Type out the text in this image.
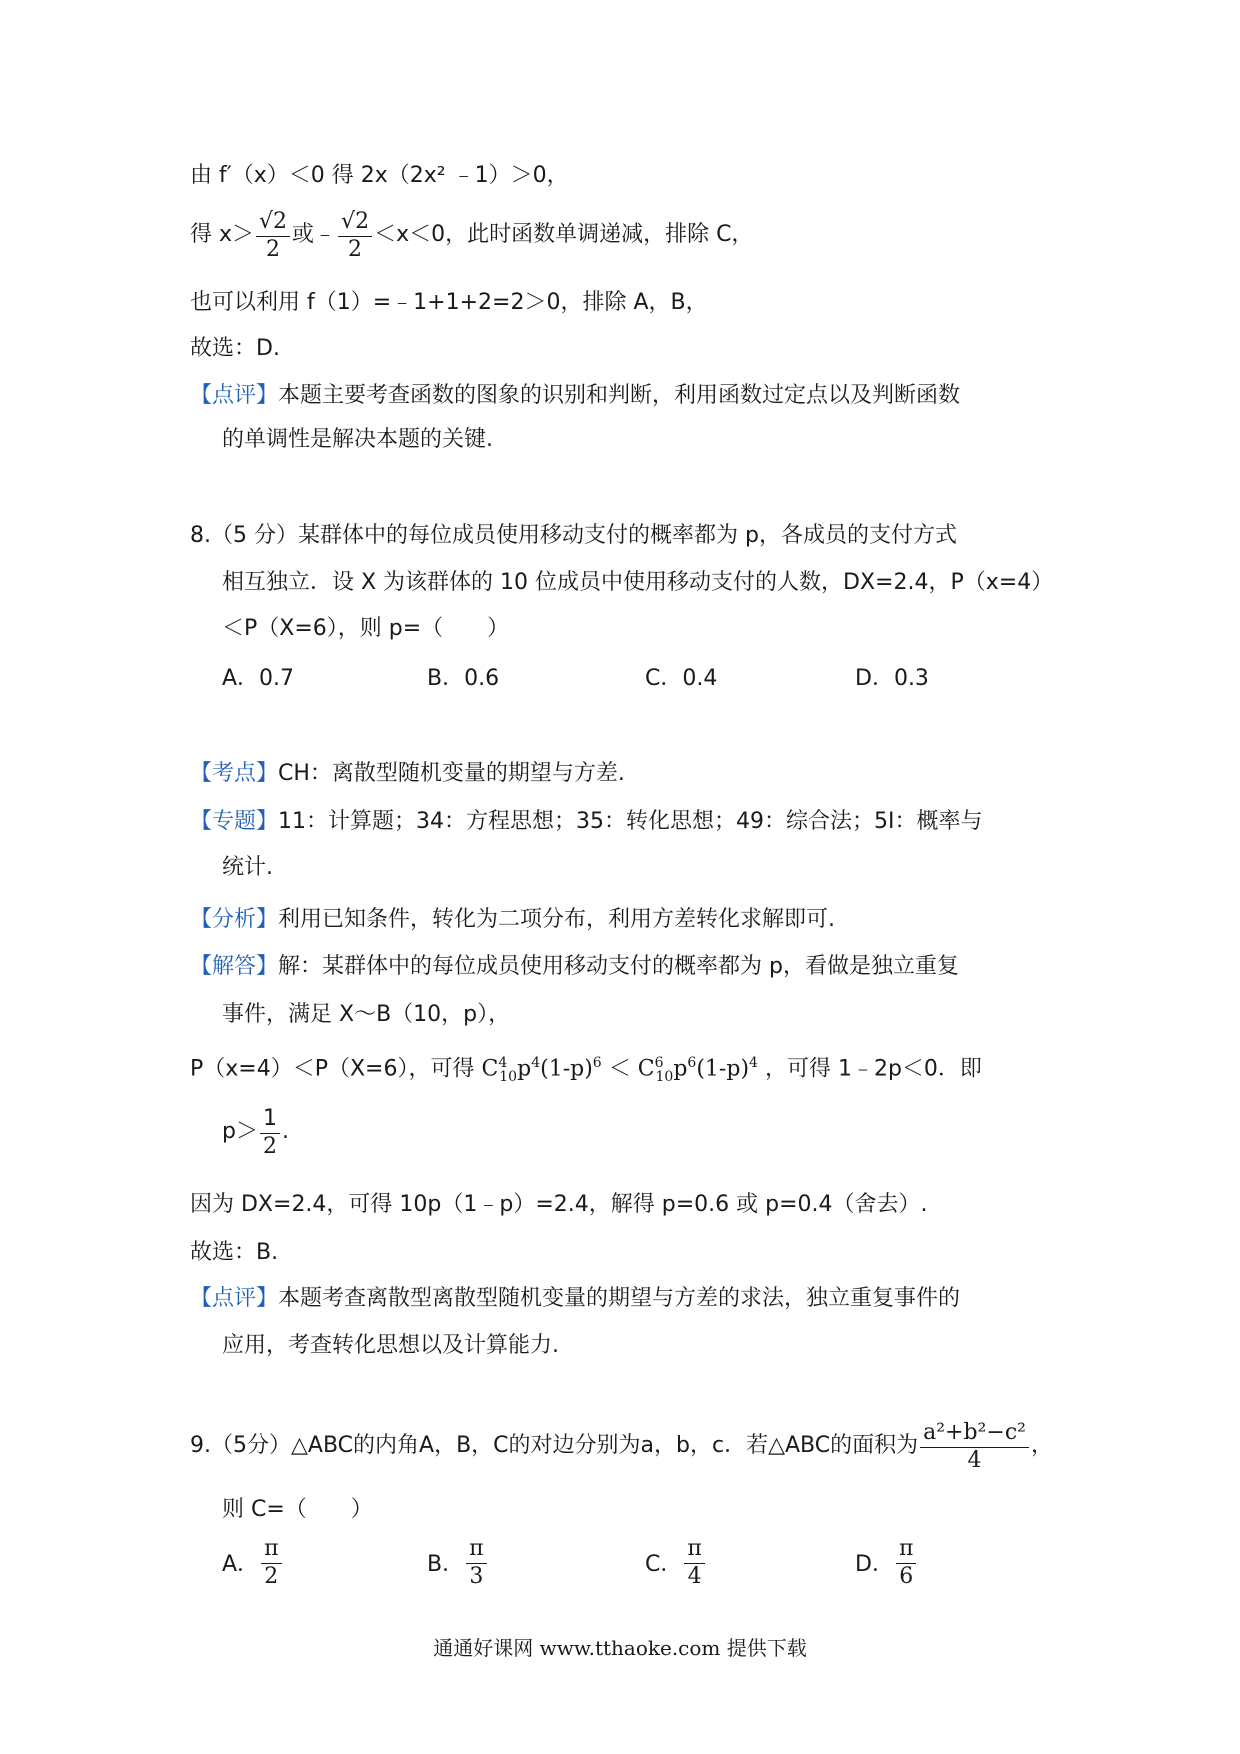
由 f′（x）＜0 得 2x（2x² ﹣1）＞0，
得 $x> \frac{√2}{2}$ 或﹣ $\frac{√2}{2} <x<0$，此时函数单调递减，排除 C，
也可以利用 f（1）=﹣1+1+2=2＞0，排除 A，B，
故选：D.
【点评】本题主要考查函数的图象的识别和判断，利用函数过定点以及判断函数
的单调性是解决本题的关键.
8.（5 分）某群体中的每位成员使用移动支付的概率都为 p，各成员的支付方式
相互独立．设 X 为该群体的 10 位成员中使用移动支付的人数，DX=2.4，P（x=4）
＜P（X=6），则 p=（　　）
A．0.7	B．0.6	C．0.4	D．0.3
【考点】CH：离散型随机变量的期望与方差.
【专题】11：计算题；34：方程思想；35：转化思想；49：综合法；5I：概率与
统计.
【分析】利用已知条件，转化为二项分布，利用方差转化求解即可.
【解答】解：某群体中的每位成员使用移动支付的概率都为 p，看做是独立重复
事件，满足 X～B（10，p），
P（x=4）＜P（X=6），可得 $C^4_{10}p^4(1-p)^6 < C^6_{10}p^6(1-p)^4$ ，可得 1﹣2p＜0．即
$p> \frac{1}{2}$ .
因为 DX=2.4，可得 10p（1﹣p）=2.4，解得 p=0.6 或 p=0.4（舍去）.
故选：B.
【点评】本题考查离散型离散型随机变量的期望与方差的求法，独立重复事件的
应用，考查转化思想以及计算能力.
9.（5分）△ABC的内角A，B，C的对边分别为a，b，c．若△ABC的面积为 $\frac{\text{a²+b²−c²}}{4}$ ，
则 C=（　　）
A． $\frac{\pi}{2}$	B． $\frac{\pi}{3}$	C． $\frac{\pi}{4}$	D． $\frac{\pi}{6}$
通通好课网 www.tthaoke.com 提供下载
